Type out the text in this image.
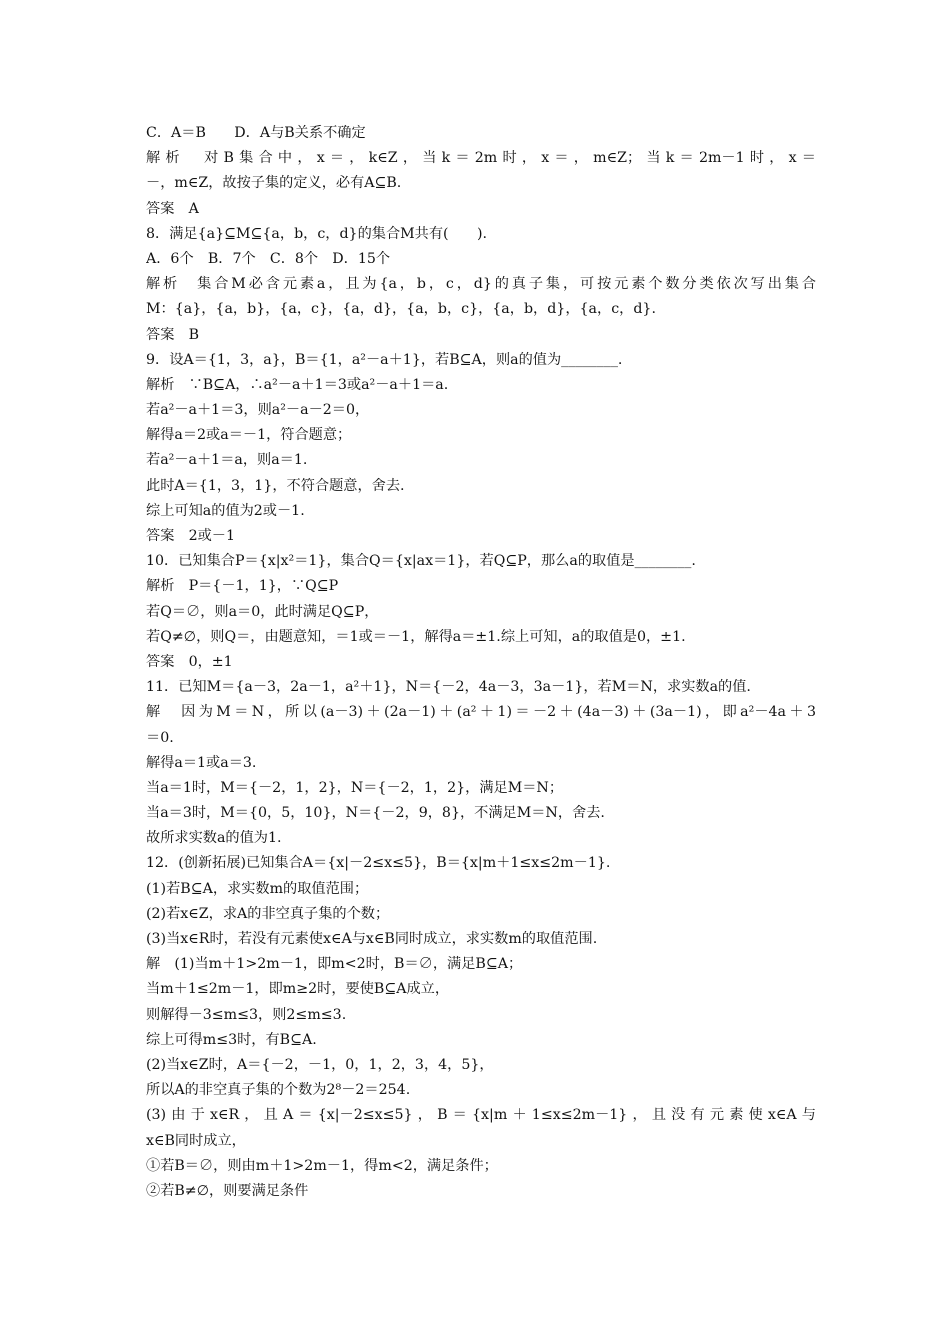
C．A＝B　　D．A与B关系不确定
解析　对B集合中，x＝，k∈Z，当k＝2m时，x＝，m∈Z；当k＝2m－1时，x＝
－，m∈Z，故按子集的定义，必有A⊆B.
答案　A
8．满足{a}⊆M⊆{a，b，c，d}的集合M共有(　　).
A．6个　B．7个　C．8个　D．15个
解析　集合M必含元素a，且为{a，b，c，d}的真子集，可按元素个数分类依次写出集合
M：{a}，{a，b}，{a，c}，{a，d}，{a，b，c}，{a，b，d}，{a，c，d}.
答案　B
9．设A＝{1，3，a}，B＝{1，a²－a＋1}，若B⊆A，则a的值为________.
解析　∵B⊆A，∴a²－a＋1＝3或a²－a＋1＝a.
若a²－a＋1＝3，则a²－a－2＝0，
解得a＝2或a＝－1，符合题意；
若a²－a＋1＝a，则a＝1.
此时A＝{1，3，1}，不符合题意，舍去.
综上可知a的值为2或－1.
答案　2或－1
10．已知集合P＝{x|x²＝1}，集合Q＝{x|ax＝1}，若Q⊆P，那么a的取值是________.
解析　P＝{－1，1}，∵Q⊆P
若Q＝∅，则a＝0，此时满足Q⊆P，
若Q≠∅，则Q＝，由题意知，＝1或＝－1，解得a＝±1.综上可知，a的取值是0，±1.
答案　0，±1
11．已知M＝{a－3，2a－1，a²＋1}，N＝{－2，4a－3，3a－1}，若M＝N，求实数a的值.
解　因为M＝N，所以(a－3)＋(2a－1)＋(a²＋1)＝－2＋(4a－3)＋(3a－1)，即a²－4a＋3
＝0.
解得a＝1或a＝3.
当a＝1时，M＝{－2，1，2}，N＝{－2，1，2}，满足M＝N；
当a＝3时，M＝{0，5，10}，N＝{－2，9，8}，不满足M＝N，舍去.
故所求实数a的值为1.
12．(创新拓展)已知集合A＝{x|－2≤x≤5}，B＝{x|m＋1≤x≤2m－1}.
(1)若B⊆A，求实数m的取值范围；
(2)若x∈Z，求A的非空真子集的个数；
(3)当x∈R时，若没有元素使x∈A与x∈B同时成立，求实数m的取值范围.
解　(1)当m＋1>2m－1，即m<2时，B＝∅，满足B⊆A；
当m＋1≤2m－1，即m≥2时，要使B⊆A成立，
则解得－3≤m≤3，则2≤m≤3.
综上可得m≤3时，有B⊆A.
(2)当x∈Z时，A＝{－2，－1，0，1，2，3，4，5}，
所以A的非空真子集的个数为2⁸－2＝254.
(3)由于x∈R，且A＝{x|－2≤x≤5}，B＝{x|m＋1≤x≤2m－1}，且没有元素使x∈A与
x∈B同时成立，
①若B＝∅，则由m＋1>2m－1，得m<2，满足条件；
②若B≠∅，则要满足条件
